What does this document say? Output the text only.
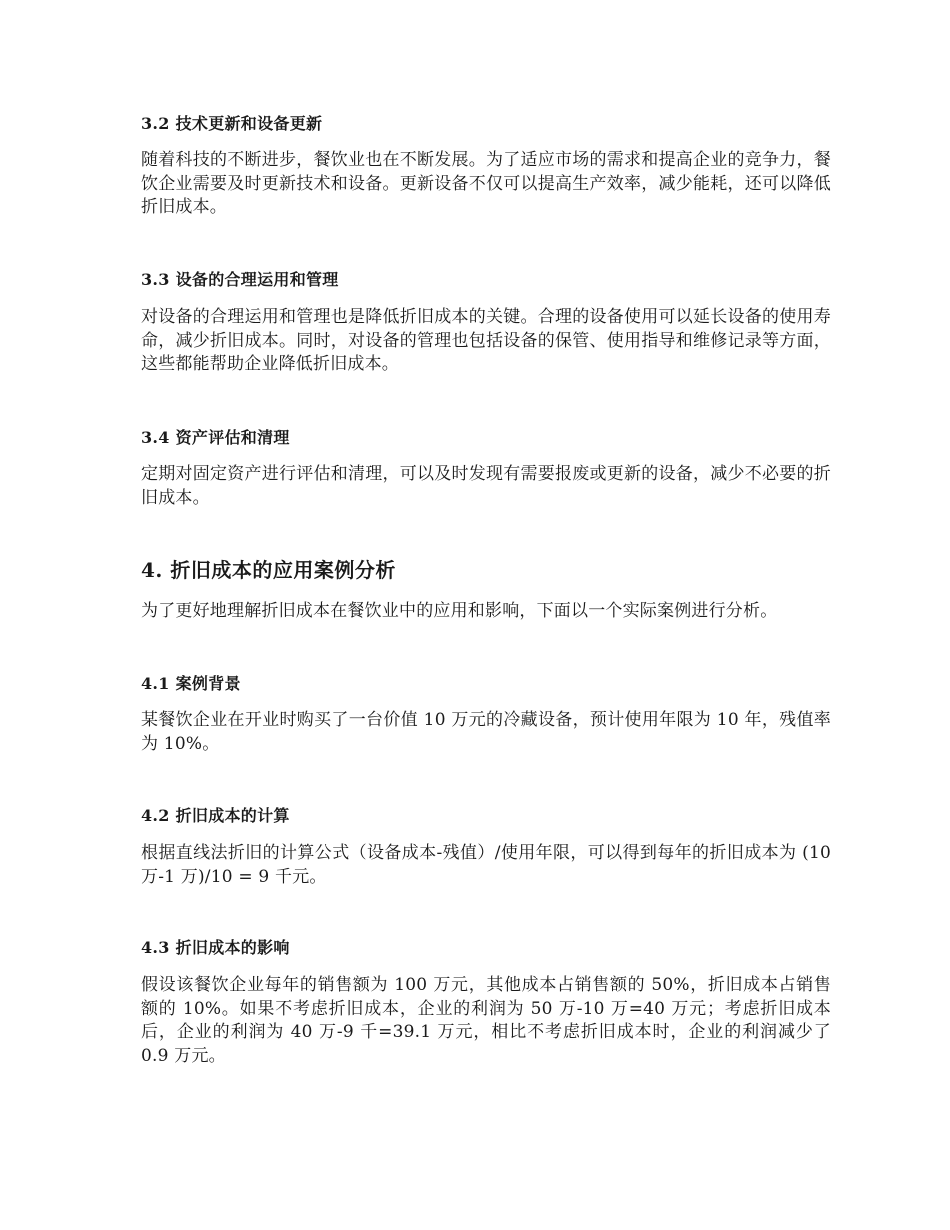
3.2 技术更新和设备更新

随着科技的不断进步，餐饮业也在不断发展。为了适应市场的需求和提高企业的竞争力，餐饮企业需要及时更新技术和设备。更新设备不仅可以提高生产效率，减少能耗，还可以降低折旧成本。

3.3 设备的合理运用和管理

对设备的合理运用和管理也是降低折旧成本的关键。合理的设备使用可以延长设备的使用寿命，减少折旧成本。同时，对设备的管理也包括设备的保管、使用指导和维修记录等方面，这些都能帮助企业降低折旧成本。

3.4 资产评估和清理

定期对固定资产进行评估和清理，可以及时发现有需要报废或更新的设备，减少不必要的折旧成本。

4. 折旧成本的应用案例分析

为了更好地理解折旧成本在餐饮业中的应用和影响，下面以一个实际案例进行分析。

4.1 案例背景

某餐饮企业在开业时购买了一台价值 10 万元的冷藏设备，预计使用年限为 10 年，残值率为 10%。

4.2 折旧成本的计算

根据直线法折旧的计算公式（设备成本-残值）/使用年限，可以得到每年的折旧成本为 (10 万-1 万)/10 = 9 千元。

4.3 折旧成本的影响

假设该餐饮企业每年的销售额为 100 万元，其他成本占销售额的 50%，折旧成本占销售额的 10%。如果不考虑折旧成本，企业的利润为 50 万-10 万=40 万元；考虑折旧成本后，企业的利润为 40 万-9 千=39.1 万元，相比不考虑折旧成本时，企业的利润减少了 0.9 万元。
